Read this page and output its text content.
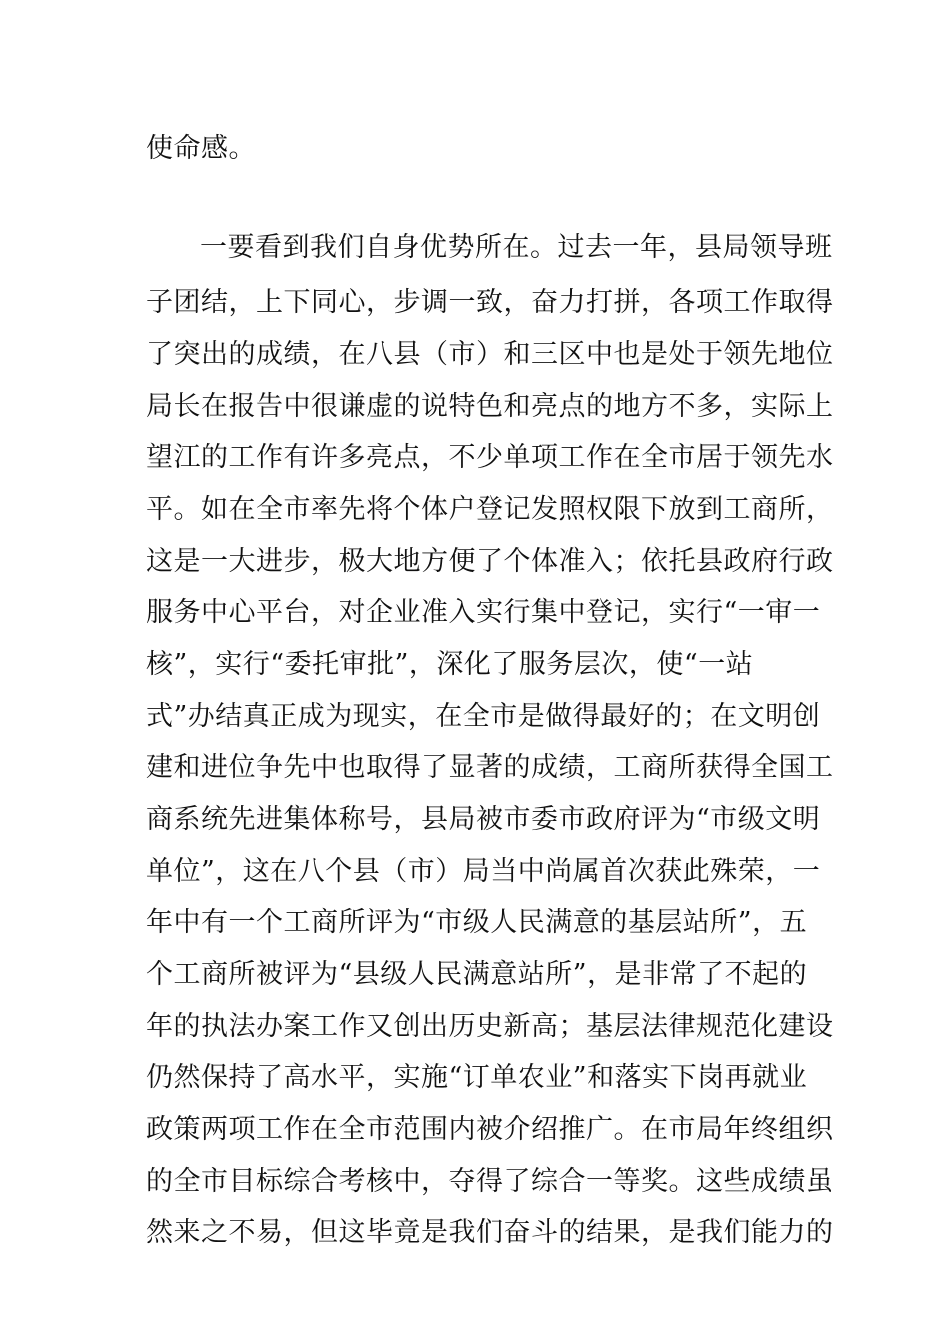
使命感。
一要看到我们自身优势所在。过去一年，县局领导班
子团结，上下同心，步调一致，奋力打拼，各项工作取得
了突出的成绩，在八县（市）和三区中也是处于领先地位
局长在报告中很谦虚的说特色和亮点的地方不多，实际上
望江的工作有许多亮点，不少单项工作在全市居于领先水
平。如在全市率先将个体户登记发照权限下放到工商所，
这是一大进步，极大地方便了个体准入；依托县政府行政
服务中心平台，对企业准入实行集中登记，实行“一审一
核”，实行“委托审批”，深化了服务层次，使“一站
式”办结真正成为现实，在全市是做得最好的；在文明创
建和进位争先中也取得了显著的成绩，工商所获得全国工
商系统先进集体称号，县局被市委市政府评为“市级文明
单位”，这在八个县（市）局当中尚属首次获此殊荣，一
年中有一个工商所评为“市级人民满意的基层站所”，五
个工商所被评为“县级人民满意站所”，是非常了不起的
年的执法办案工作又创出历史新高；基层法律规范化建设
仍然保持了高水平，实施“订单农业”和落实下岗再就业
政策两项工作在全市范围内被介绍推广。在市局年终组织
的全市目标综合考核中，夺得了综合一等奖。这些成绩虽
然来之不易，但这毕竟是我们奋斗的结果，是我们能力的
